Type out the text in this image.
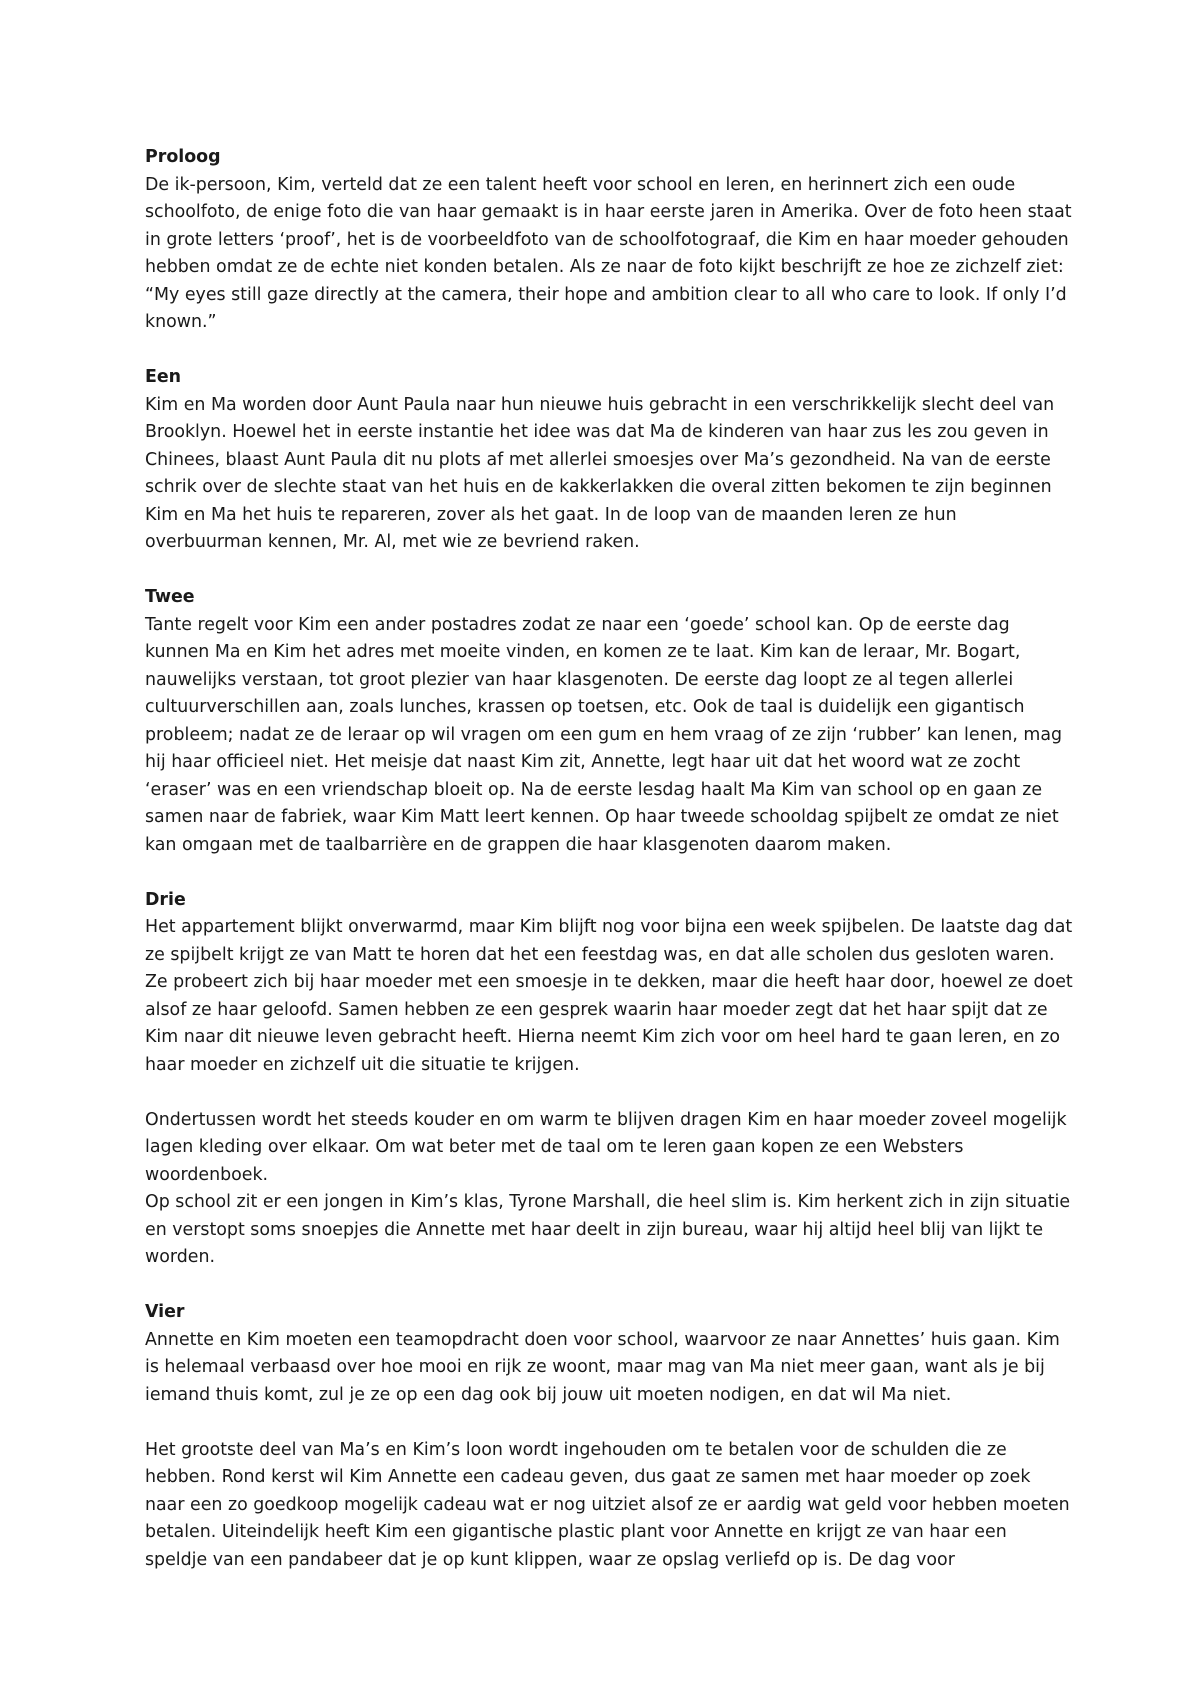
Proloog

De ik-persoon, Kim, verteld dat ze een talent heeft voor school en leren, en herinnert zich een oude schoolfoto, de enige foto die van haar gemaakt is in haar eerste jaren in Amerika. Over de foto heen staat in grote letters ‘proof’, het is de voorbeeldfoto van de schoolfotograaf, die Kim en haar moeder gehouden hebben omdat ze de echte niet konden betalen. Als ze naar de foto kijkt beschrijft ze hoe ze zichzelf ziet: “My eyes still gaze directly at the camera, their hope and ambition clear to all who care to look. If only I’d known.”

Een

Kim en Ma worden door Aunt Paula naar hun nieuwe huis gebracht in een verschrikkelijk slecht deel van Brooklyn. Hoewel het in eerste instantie het idee was dat Ma de kinderen van haar zus les zou geven in Chinees, blaast Aunt Paula dit nu plots af met allerlei smoesjes over Ma’s gezondheid. Na van de eerste schrik over de slechte staat van het huis en de kakkerlakken die overal zitten bekomen te zijn beginnen Kim en Ma het huis te repareren, zover als het gaat. In de loop van de maanden leren ze hun overbuurman kennen, Mr. Al, met wie ze bevriend raken.

Twee

Tante regelt voor Kim een ander postadres zodat ze naar een ‘goede’ school kan. Op de eerste dag kunnen Ma en Kim het adres met moeite vinden, en komen ze te laat. Kim kan de leraar, Mr. Bogart, nauwelijks verstaan, tot groot plezier van haar klasgenoten. De eerste dag loopt ze al tegen allerlei cultuurverschillen aan, zoals lunches, krassen op toetsen, etc. Ook de taal is duidelijk een gigantisch probleem; nadat ze de leraar op wil vragen om een gum en hem vraag of ze zijn ‘rubber’ kan lenen, mag hij haar officieel niet. Het meisje dat naast Kim zit, Annette, legt haar uit dat het woord wat ze zocht ‘eraser’ was en een vriendschap bloeit op. Na de eerste lesdag haalt Ma Kim van school op en gaan ze samen naar de fabriek, waar Kim Matt leert kennen. Op haar tweede schooldag spijbelt ze omdat ze niet kan omgaan met de taalbarrière en de grappen die haar klasgenoten daarom maken.

Drie

Het appartement blijkt onverwarmd, maar Kim blijft nog voor bijna een week spijbelen. De laatste dag dat ze spijbelt krijgt ze van Matt te horen dat het een feestdag was, en dat alle scholen dus gesloten waren. Ze probeert zich bij haar moeder met een smoesje in te dekken, maar die heeft haar door, hoewel ze doet alsof ze haar geloofd. Samen hebben ze een gesprek waarin haar moeder zegt dat het haar spijt dat ze Kim naar dit nieuwe leven gebracht heeft. Hierna neemt Kim zich voor om heel hard te gaan leren, en zo haar moeder en zichzelf uit die situatie te krijgen.

Ondertussen wordt het steeds kouder en om warm te blijven dragen Kim en haar moeder zoveel mogelijk lagen kleding over elkaar. Om wat beter met de taal om te leren gaan kopen ze een Websters woordenboek.

Op school zit er een jongen in Kim’s klas, Tyrone Marshall, die heel slim is. Kim herkent zich in zijn situatie en verstopt soms snoepjes die Annette met haar deelt in zijn bureau, waar hij altijd heel blij van lijkt te worden.

Vier

Annette en Kim moeten een teamopdracht doen voor school, waarvoor ze naar Annettes’ huis gaan. Kim is helemaal verbaasd over hoe mooi en rijk ze woont, maar mag van Ma niet meer gaan, want als je bij iemand thuis komt, zul je ze op een dag ook bij jouw uit moeten nodigen, en dat wil Ma niet.

Het grootste deel van Ma’s en Kim’s loon wordt ingehouden om te betalen voor de schulden die ze hebben. Rond kerst wil Kim Annette een cadeau geven, dus gaat ze samen met haar moeder op zoek naar een zo goedkoop mogelijk cadeau wat er nog uitziet alsof ze er aardig wat geld voor hebben moeten betalen. Uiteindelijk heeft Kim een gigantische plastic plant voor Annette en krijgt ze van haar een speldje van een pandabeer dat je op kunt klippen, waar ze opslag verliefd op is. De dag voor
